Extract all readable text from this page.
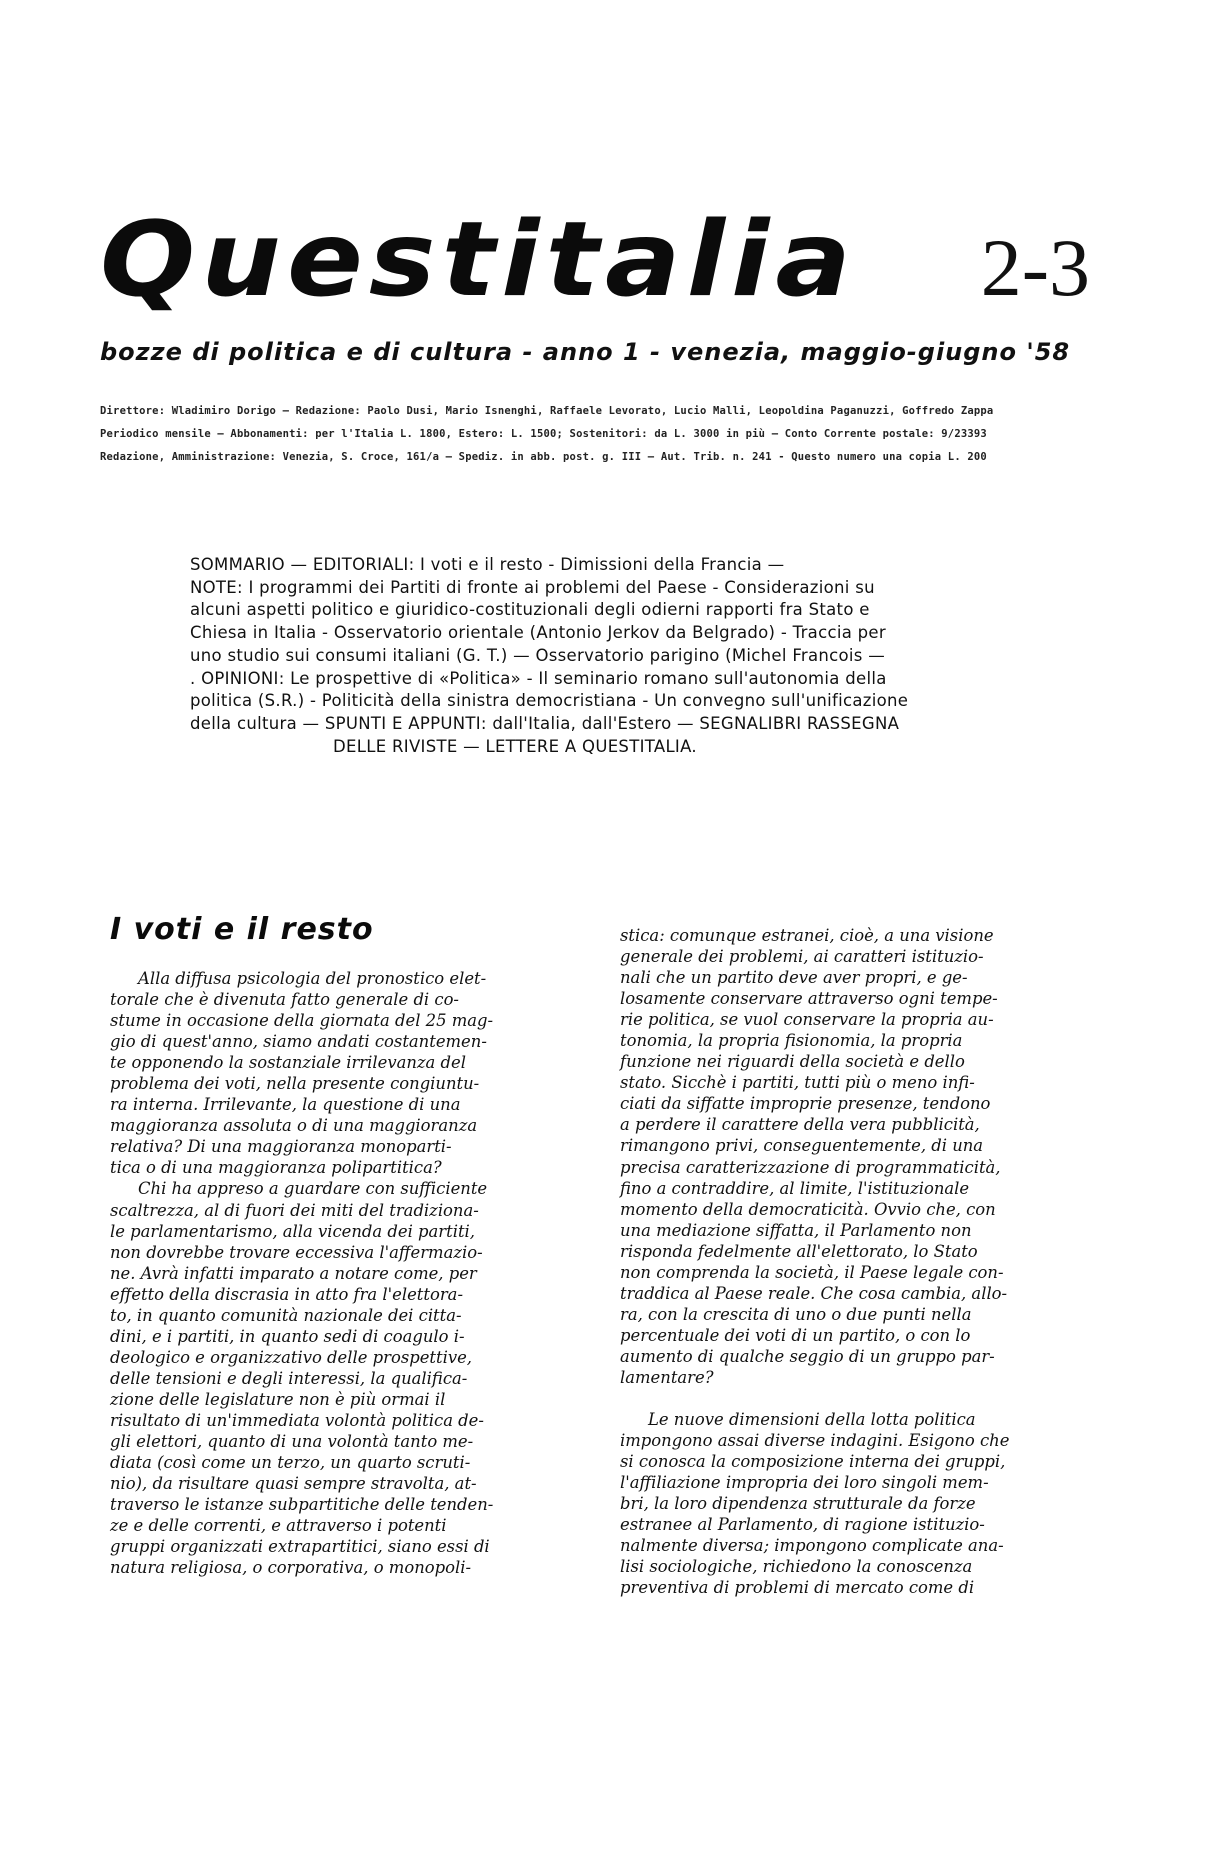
Questitalia 2-3
bozze di politica e di cultura - anno 1 - venezia, maggio-giugno '58
Direttore: Wladimiro Dorigo — Redazione: Paolo Dusi, Mario Isnenghi, Raffaele Levorato, Lucio Malli, Leopoldina Paganuzzi, Goffredo Zappa
Periodico mensile — Abbonamenti: per l'Italia L. 1800, Estero: L. 1500; Sostenitori: da L. 3000 in più — Conto Corrente postale: 9/23393
Redazione, Amministrazione: Venezia, S. Croce, 161/a — Spediz. in abb. post. g. III — Aut. Trib. n. 241 - Questo numero una copia L. 200
SOMMARIO — EDITORIALI: I voti e il resto - Dimissioni della Francia —
NOTE: I programmi dei Partiti di fronte ai problemi del Paese - Considerazioni su
alcuni aspetti politico e giuridico-costituzionali degli odierni rapporti fra Stato e
Chiesa in Italia - Osservatorio orientale (Antonio Jerkov da Belgrado) - Traccia per
uno studio sui consumi italiani (G. T.) — Osservatorio parigino (Michel Francois —
. OPINIONI: Le prospettive di «Politica» - Il seminario romano sull'autonomia della
politica (S.R.) - Politicità della sinistra democristiana - Un convegno sull'unificazione
della cultura — SPUNTI E APPUNTI: dall'Italia, dall'Estero — SEGNALIBRI RASSEGNA
DELLE RIVISTE — LETTERE A QUESTITALIA.
I voti e il resto
Alla diffusa psicologia del pronostico elet-
torale che è divenuta fatto generale di co-
stume in occasione della giornata del 25 mag-
gio di quest'anno, siamo andati costantemen-
te opponendo la sostanziale irrilevanza del
problema dei voti, nella presente congiuntu-
ra interna. Irrilevante, la questione di una
maggioranza assoluta o di una maggioranza
relativa? Di una maggioranza monoparti-
tica o di una maggioranza polipartitica?
Chi ha appreso a guardare con sufficiente
scaltrezza, al di fuori dei miti del tradiziona-
le parlamentarismo, alla vicenda dei partiti,
non dovrebbe trovare eccessiva l'affermazio-
ne. Avrà infatti imparato a notare come, per
effetto della discrasia in atto fra l'elettora-
to, in quanto comunità nazionale dei citta-
dini, e i partiti, in quanto sedi di coagulo i-
deologico e organizzativo delle prospettive,
delle tensioni e degli interessi, la qualifica-
zione delle legislature non è più ormai il
risultato di un'immediata volontà politica de-
gli elettori, quanto di una volontà tanto me-
diata (così come un terzo, un quarto scruti-
nio), da risultare quasi sempre stravolta, at-
traverso le istanze subpartitiche delle tenden-
ze e delle correnti, e attraverso i potenti
gruppi organizzati extrapartitici, siano essi di
natura religiosa, o corporativa, o monopoli-
stica: comunque estranei, cioè, a una visione
generale dei problemi, ai caratteri istituzio-
nali che un partito deve aver propri, e ge-
losamente conservare attraverso ogni tempe-
rie politica, se vuol conservare la propria au-
tonomia, la propria fisionomia, la propria
funzione nei riguardi della società e dello
stato. Sicchè i partiti, tutti più o meno infi-
ciati da siffatte improprie presenze, tendono
a perdere il carattere della vera pubblicità,
rimangono privi, conseguentemente, di una
precisa caratterizzazione di programmaticità,
fino a contraddire, al limite, l'istituzionale
momento della democraticità. Ovvio che, con
una mediazione siffatta, il Parlamento non
risponda fedelmente all'elettorato, lo Stato
non comprenda la società, il Paese legale con-
traddica al Paese reale. Che cosa cambia, allo-
ra, con la crescita di uno o due punti nella
percentuale dei voti di un partito, o con lo
aumento di qualche seggio di un gruppo par-
lamentare?
Le nuove dimensioni della lotta politica
impongono assai diverse indagini. Esigono che
si conosca la composizione interna dei gruppi,
l'affiliazione impropria dei loro singoli mem-
bri, la loro dipendenza strutturale da forze
estranee al Parlamento, di ragione istituzio-
nalmente diversa; impongono complicate ana-
lisi sociologiche, richiedono la conoscenza
preventiva di problemi di mercato come di
